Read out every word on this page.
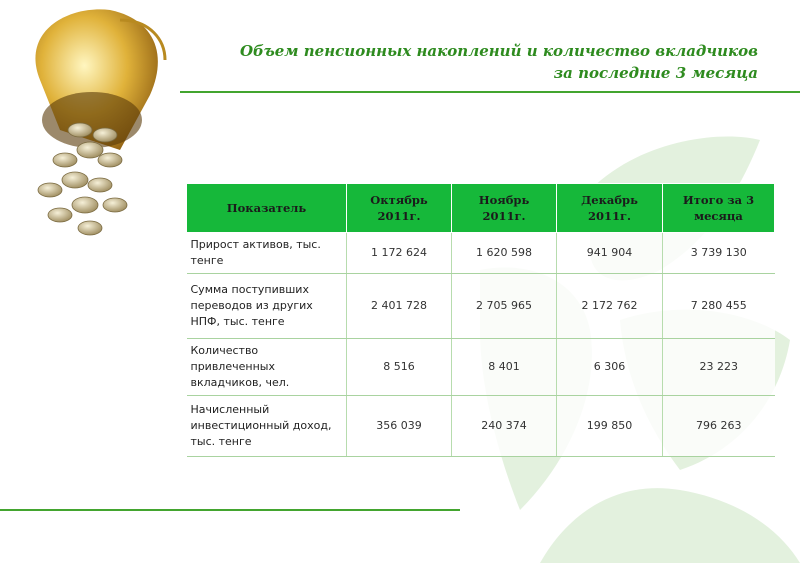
Объем пенсионных накоплений и количество вкладчиков
за последние 3 месяца
Показатель	Октябрь 2011г.	Ноябрь 2011г.	Декабрь 2011г.	Итого за 3 месяца
Прирост активов, тыс. тенге	1 172 624	1 620 598	941 904	3 739 130
Сумма поступивших переводов из других НПФ, тыс. тенге	2 401 728	2 705 965	2 172 762	7 280 455
Количество привлеченных вкладчиков, чел.	8 516	8 401	6 306	23 223
Начисленный инвестиционный доход, тыс. тенге	356 039	240 374	199 850	796 263
